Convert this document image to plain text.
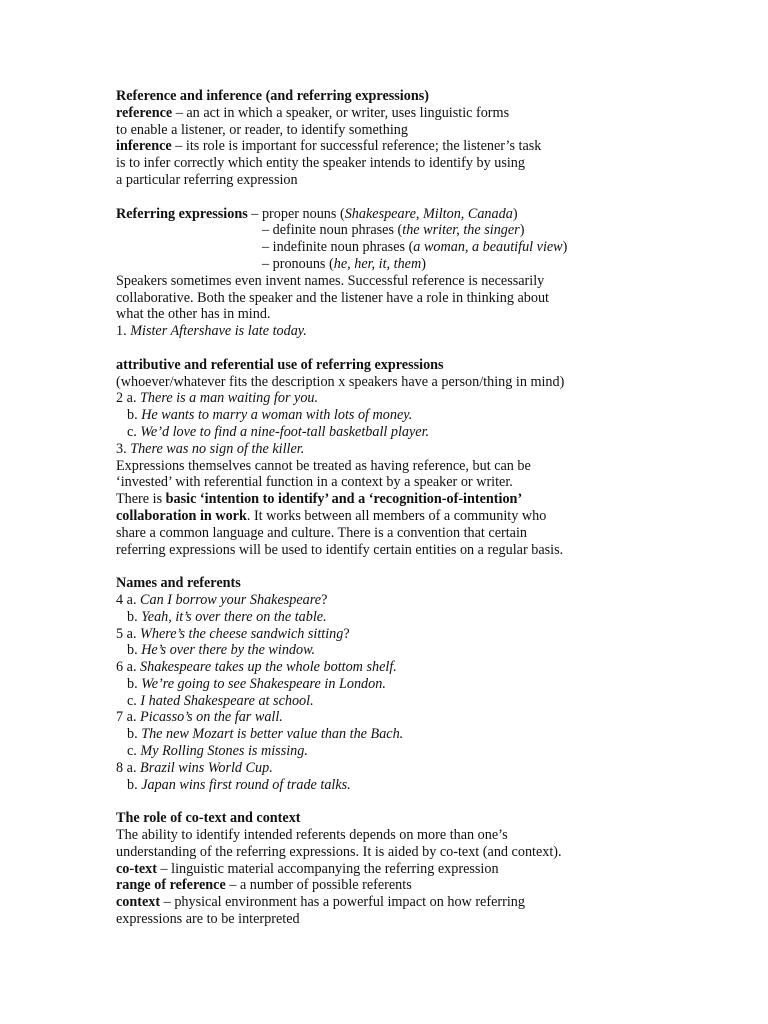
Reference and inference (and referring expressions)
reference – an act in which a speaker, or writer, uses linguistic forms
to enable a listener, or reader, to identify something
inference – its role is important for successful reference; the listener’s task
is to infer correctly which entity the speaker intends to identify by using
a particular referring expression
Referring expressions – proper nouns (Shakespeare, Milton, Canada)
– definite noun phrases (the writer, the singer)
– indefinite noun phrases (a woman, a beautiful view)
– pronouns (he, her, it, them)
Speakers sometimes even invent names. Successful reference is necessarily
collaborative. Both the speaker and the listener have a role in thinking about
what the other has in mind.
1. Mister Aftershave is late today.
attributive and referential use of referring expressions
(whoever/whatever fits the description x speakers have a person/thing in mind)
2 a. There is a man waiting for you.
b. He wants to marry a woman with lots of money.
c. We’d love to find a nine-foot-tall basketball player.
3. There was no sign of the killer.
Expressions themselves cannot be treated as having reference, but can be
‘invested’ with referential function in a context by a speaker or writer.
There is basic ‘intention to identify’ and a ‘recognition-of-intention’
collaboration in work. It works between all members of a community who
share a common language and culture. There is a convention that certain
referring expressions will be used to identify certain entities on a regular basis.
Names and referents
4 a. Can I borrow your Shakespeare?
b. Yeah, it’s over there on the table.
5 a. Where’s the cheese sandwich sitting?
b. He’s over there by the window.
6 a. Shakespeare takes up the whole bottom shelf.
b. We’re going to see Shakespeare in London.
c. I hated Shakespeare at school.
7 a. Picasso’s on the far wall.
b. The new Mozart is better value than the Bach.
c. My Rolling Stones is missing.
8 a. Brazil wins World Cup.
b. Japan wins first round of trade talks.
The role of co-text and context
The ability to identify intended referents depends on more than one’s
understanding of the referring expressions. It is aided by co-text (and context).
co-text – linguistic material accompanying the referring expression
range of reference – a number of possible referents
context – physical environment has a powerful impact on how referring
expressions are to be interpreted
